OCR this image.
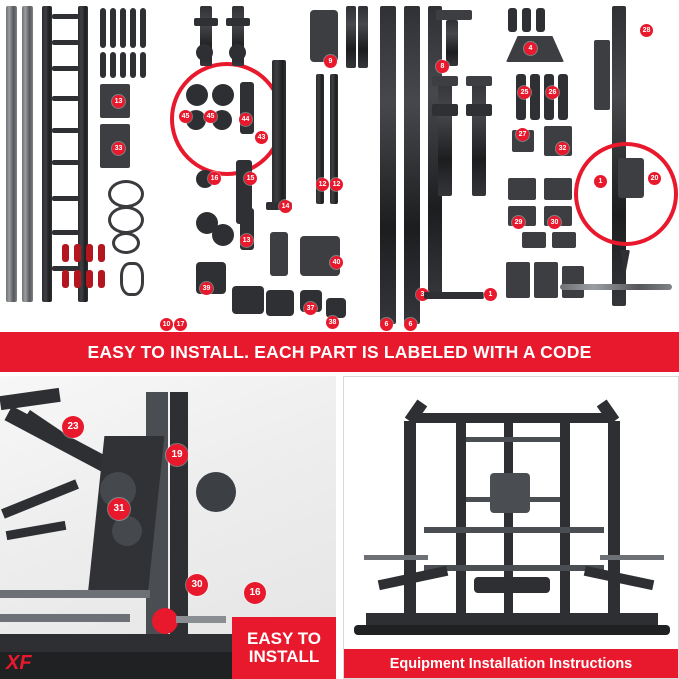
13
33
45	45	44
43
9
16	15
14
12 12
13
40
39
37
38
10 17	6	6
3
8
4
25	26
28
27
32
29	30
1
1	20
EASY TO INSTALL. EACH PART IS LABELED WITH A CODE
23
19
31
30
16
XF
EASY TO
INSTALL	Equipment Installation Instructions
